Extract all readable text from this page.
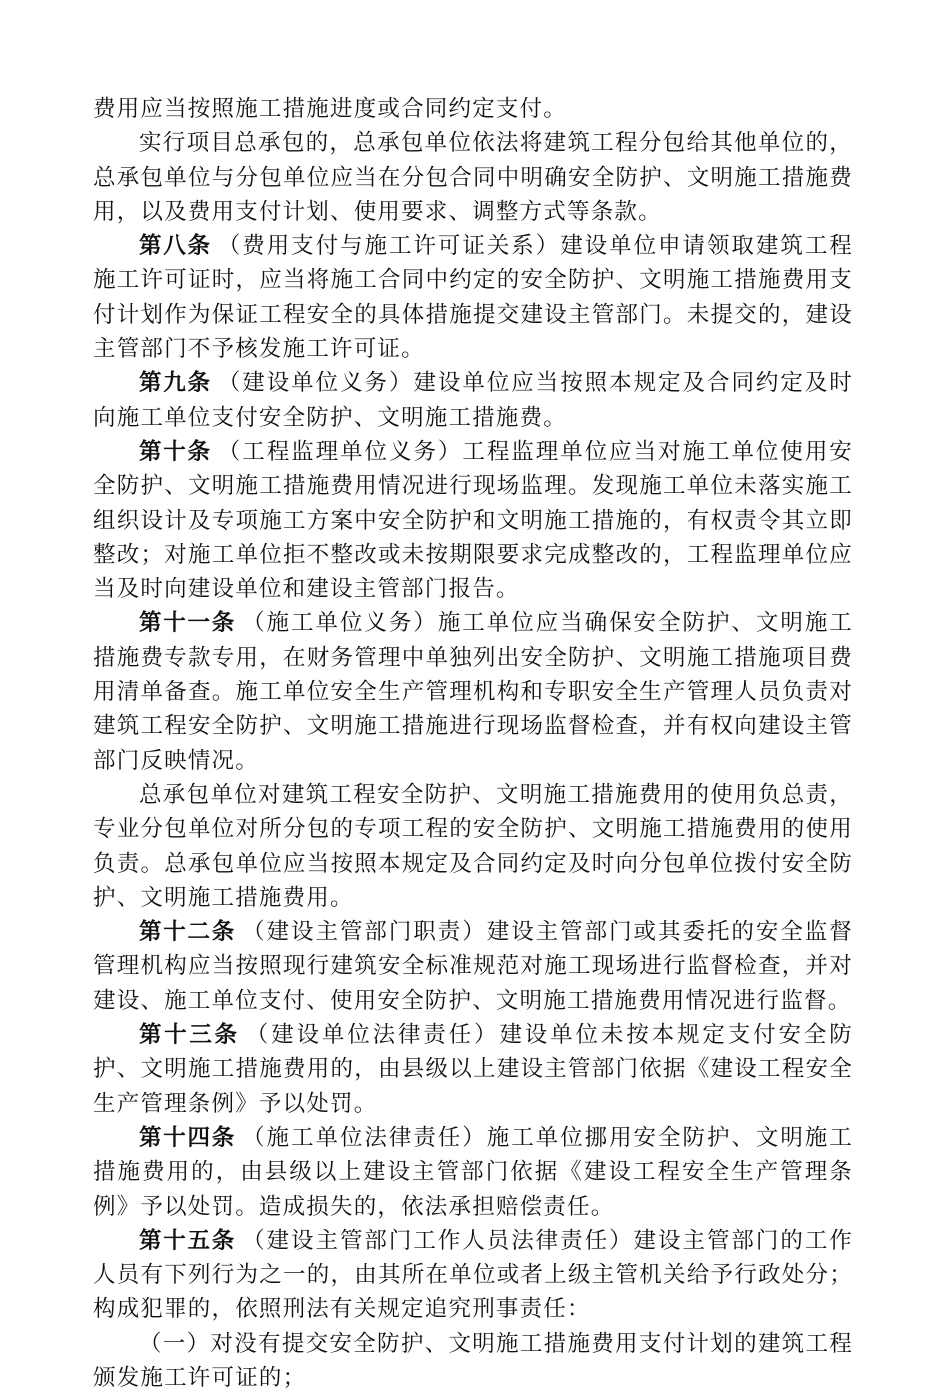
费用应当按照施工措施进度或合同约定支付。

实行项目总承包的，总承包单位依法将建筑工程分包给其他单位的，总承包单位与分包单位应当在分包合同中明确安全防护、文明施工措施费用，以及费用支付计划、使用要求、调整方式等条款。

第八条 （费用支付与施工许可证关系）建设单位申请领取建筑工程施工许可证时，应当将施工合同中约定的安全防护、文明施工措施费用支付计划作为保证工程安全的具体措施提交建设主管部门。未提交的，建设主管部门不予核发施工许可证。

第九条 （建设单位义务）建设单位应当按照本规定及合同约定及时向施工单位支付安全防护、文明施工措施费。

第十条 （工程监理单位义务）工程监理单位应当对施工单位使用安全防护、文明施工措施费用情况进行现场监理。发现施工单位未落实施工组织设计及专项施工方案中安全防护和文明施工措施的，有权责令其立即整改；对施工单位拒不整改或未按期限要求完成整改的，工程监理单位应当及时向建设单位和建设主管部门报告。

第十一条 （施工单位义务）施工单位应当确保安全防护、文明施工措施费专款专用，在财务管理中单独列出安全防护、文明施工措施项目费用清单备查。施工单位安全生产管理机构和专职安全生产管理人员负责对建筑工程安全防护、文明施工措施进行现场监督检查，并有权向建设主管部门反映情况。

总承包单位对建筑工程安全防护、文明施工措施费用的使用负总责，专业分包单位对所分包的专项工程的安全防护、文明施工措施费用的使用负责。总承包单位应当按照本规定及合同约定及时向分包单位拨付安全防护、文明施工措施费用。

第十二条 （建设主管部门职责）建设主管部门或其委托的安全监督管理机构应当按照现行建筑安全标准规范对施工现场进行监督检查，并对建设、施工单位支付、使用安全防护、文明施工措施费用情况进行监督。

第十三条 （建设单位法律责任）建设单位未按本规定支付安全防护、文明施工措施费用的，由县级以上建设主管部门依据《建设工程安全生产管理条例》予以处罚。

第十四条 （施工单位法律责任）施工单位挪用安全防护、文明施工措施费用的，由县级以上建设主管部门依据《建设工程安全生产管理条例》予以处罚。造成损失的，依法承担赔偿责任。

第十五条 （建设主管部门工作人员法律责任）建设主管部门的工作人员有下列行为之一的，由其所在单位或者上级主管机关给予行政处分；构成犯罪的，依照刑法有关规定追究刑事责任：

（一）对没有提交安全防护、文明施工措施费用支付计划的建筑工程颁发施工许可证的；
